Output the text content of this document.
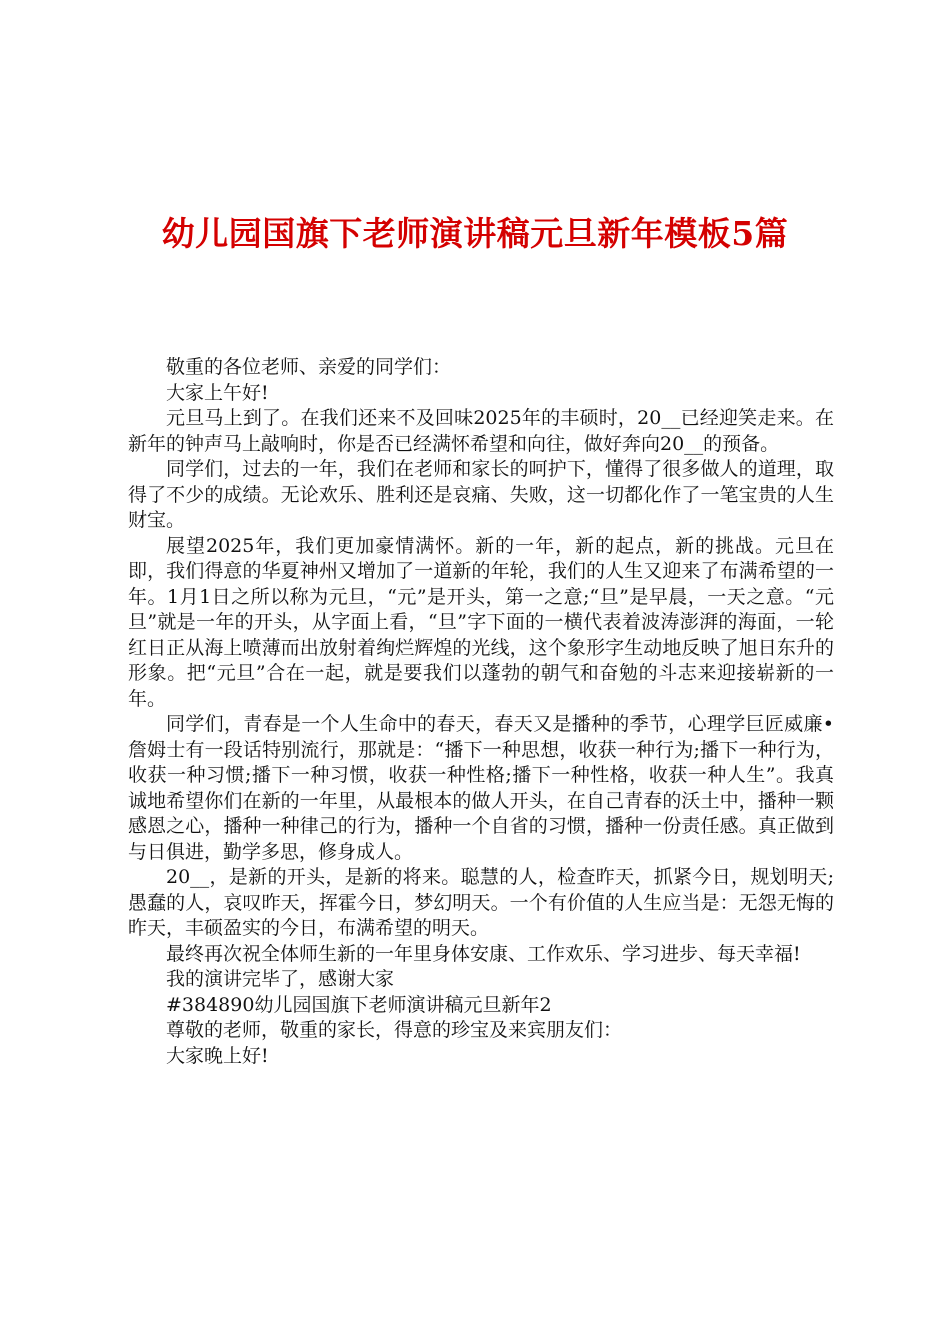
幼儿园国旗下老师演讲稿元旦新年模板5篇

敬重的各位老师、亲爱的同学们：

大家上午好!

元旦马上到了。在我们还来不及回味2025年的丰硕时，20__已经迎笑走来。在新年的钟声马上敲响时，你是否已经满怀希望和向往，做好奔向20__的预备。

同学们，过去的一年，我们在老师和家长的呵护下，懂得了很多做人的道理，取得了不少的成绩。无论欢乐、胜利还是哀痛、失败，这一切都化作了一笔宝贵的人生财宝。

展望2025年，我们更加豪情满怀。新的一年，新的起点，新的挑战。元旦在即，我们得意的华夏神州又增加了一道新的年轮，我们的人生又迎来了布满希望的一年。1月1日之所以称为元旦，“元”是开头，第一之意;“旦”是早晨，一天之意。“元旦”就是一年的开头，从字面上看，“旦”字下面的一横代表着波涛澎湃的海面，一轮红日正从海上喷薄而出放射着绚烂辉煌的光线，这个象形字生动地反映了旭日东升的形象。把“元旦”合在一起，就是要我们以蓬勃的朝气和奋勉的斗志来迎接崭新的一年。

同学们，青春是一个人生命中的春天，春天又是播种的季节，心理学巨匠威廉•詹姆士有一段话特别流行，那就是：“播下一种思想，收获一种行为;播下一种行为，收获一种习惯;播下一种习惯，收获一种性格;播下一种性格，收获一种人生”。我真诚地希望你们在新的一年里，从最根本的做人开头，在自己青春的沃土中，播种一颗感恩之心，播种一种律己的行为，播种一个自省的习惯，播种一份责任感。真正做到与日俱进，勤学多思，修身成人。

20__，是新的开头，是新的将来。聪慧的人，检查昨天，抓紧今日，规划明天;愚蠢的人，哀叹昨天，挥霍今日，梦幻明天。一个有价值的人生应当是：无怨无悔的昨天，丰硕盈实的今日，布满希望的明天。

最终再次祝全体师生新的一年里身体安康、工作欢乐、学习进步、每天幸福!

我的演讲完毕了，感谢大家

#384890幼儿园国旗下老师演讲稿元旦新年2

尊敬的老师，敬重的家长，得意的珍宝及来宾朋友们：

大家晚上好!
